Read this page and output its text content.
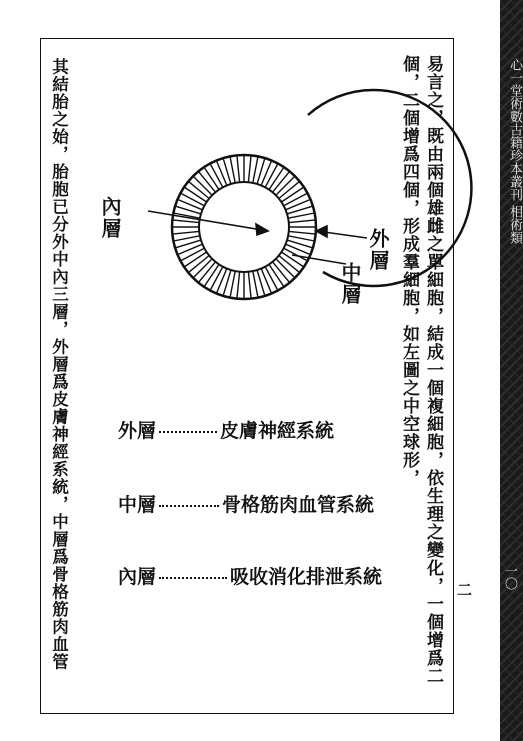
易言之，既由兩個雄雌之單細胞，結成一個複細胞，依生理之變化，一個增爲二
個，二個增爲四個，形成羣細胞，如左圖之中空球形，
其結胎之始，胎胞已分外中內三層，外層爲皮膚神經系統，中層爲骨格筋肉血管 內層
外層
中層
外層	皮膚神經系統
中層	骨格筋肉血管系統
內層	吸收消化排泄系統
二
心一堂術數古籍珍本叢刊 相術類
一〇
